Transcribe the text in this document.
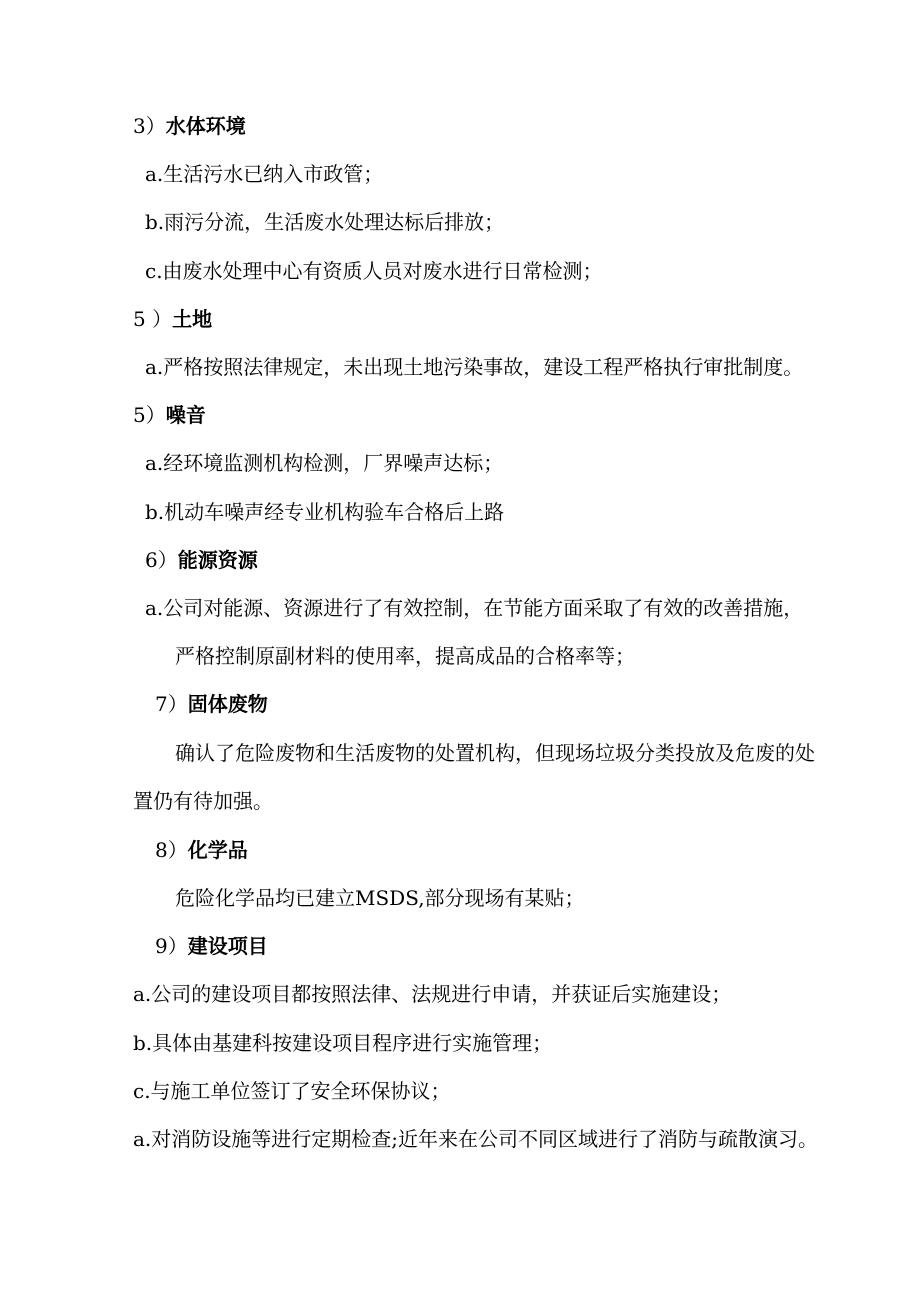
3）水体环境
a.生活污水已纳入市政管；
b.雨污分流，生活废水处理达标后排放；
c.由废水处理中心有资质人员对废水进行日常检测；
5 ）土地
a.严格按照法律规定，未出现土地污染事故，建设工程严格执行审批制度。
5）噪音
a.经环境监测机构检测，厂界噪声达标；
b.机动车噪声经专业机构验车合格后上路
6）能源资源
a.公司对能源、资源进行了有效控制，在节能方面采取了有效的改善措施，
严格控制原副材料的使用率，提高成品的合格率等；
7）固体废物
确认了危险废物和生活废物的处置机构，但现场垃圾分类投放及危废的处
置仍有待加强。
8）化学品
危险化学品均已建立MSDS,部分现场有某贴；
9）建设项目
a.公司的建设项目都按照法律、法规进行申请，并获证后实施建设；
b.具体由基建科按建设项目程序进行实施管理；
c.与施工单位签订了安全环保协议；
a.对消防设施等进行定期检查;近年来在公司不同区域进行了消防与疏散演习。
